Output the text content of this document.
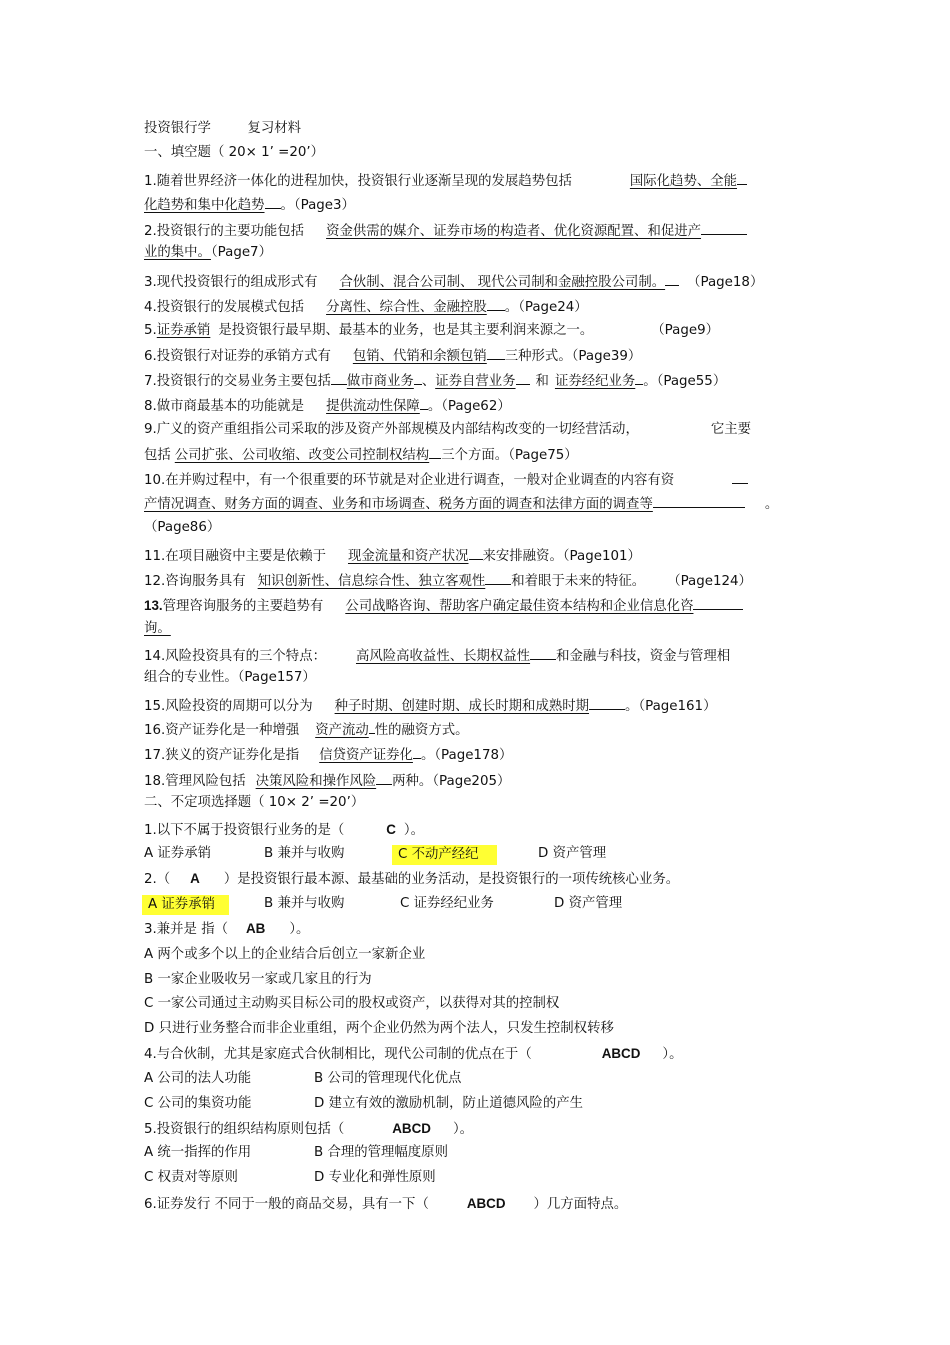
投资银行学	复习材料
一、填空题（ 20× 1’ =20’）
1.随着世界经济一体化的进程加快，投资银行业逐渐呈现的发展趋势包括	国际化趋势、全能
化趋势和集中化趋势 。（Page3）
2.投资银行的主要功能包括 资金供需的媒介、证券市场的构造者、优化资源配置、和促进产
业的集中。（Page7）
3.现代投资银行的组成形式有 合伙制、混合公司制、 现代公司制和金融控股公司制。 （Page18）
4.投资银行的发展模式包括 分离性、综合性、金融控股 。（Page24）
5.证券承销 是投资银行最早期、最基本的业务，也是其主要利润来源之一。	（Page9）
6.投资银行对证券的承销方式有 包销、代销和余额包销 三种形式。（Page39）
7.投资银行的交易业务主要包括 做市商业务 、证券自营业务 和 证券经纪业务 。（Page55）
8.做市商最基本的功能就是 提供流动性保障 。（Page62）
9.广义的资产重组指公司采取的涉及资产外部规模及内部结构改变的一切经营活动，	它主要
包括 公司扩张、公司收缩、改变公司控制权结构 三个方面。（Page75）
10.在并购过程中，有一个很重要的环节就是对企业进行调查，一般对企业调查的内容有资
产情况调查、财务方面的调查、业务和市场调查、税务方面的调查和法律方面的调查等	。
（Page86）
11.在项目融资中主要是依赖于 现金流量和资产状况 来安排融资。（Page101）
12.咨询服务具有 知识创新性、信息综合性、独立客观性 和着眼于未来的特征。 （Page124）
13.管理咨询服务的主要趋势有 公司战略咨询、帮助客户确定最佳资本结构和企业信息化咨
询。
14.风险投资具有的三个特点： 高风险高收益性、长期权益性 和金融与科技，资金与管理相
组合的专业性。（Page157）
15.风险投资的周期可以分为 种子时期、创建时期、成长时期和成熟时期	。（Page161）
16.资产证券化是一种增强 资产流动 性的融资方式。
17.狭义的资产证券化是指 信贷资产证券化 。（Page178）
18.管理风险包括 决策风险和操作风险 两种。（Page205）
二、不定项选择题（ 10× 2’ =20’）
1.以下不属于投资银行业务的是（	C ）。
A 证券承销	B 兼并与收购	C 不动产经纪	D 资产管理
2.（ A ）是投资银行最本源、最基础的业务活动，是投资银行的一项传统核心业务。
A 证券承销	B 兼并与收购	C 证券经纪业务	D 资产管理
3.兼并是 指（ AB ）。
A 两个或多个以上的企业结合后创立一家新企业
B 一家企业吸收另一家或几家且的行为
C 一家公司通过主动购买目标公司的股权或资产，以获得对其的控制权
D 只进行业务整合而非企业重组，两个企业仍然为两个法人，只发生控制权转移
4.与合伙制，尤其是家庭式合伙制相比，现代公司制的优点在于（	ABCD ）。
A 公司的法人功能	B 公司的管理现代化优点
C 公司的集资功能	D 建立有效的激励机制，防止道德风险的产生
5.投资银行的组织结构原则包括（	ABCD ）。
A 统一指挥的作用	B 合理的管理幅度原则
C 权责对等原则	D 专业化和弹性原则
6.证券发行 不同于一般的商品交易，具有一下（	ABCD ）几方面特点。
